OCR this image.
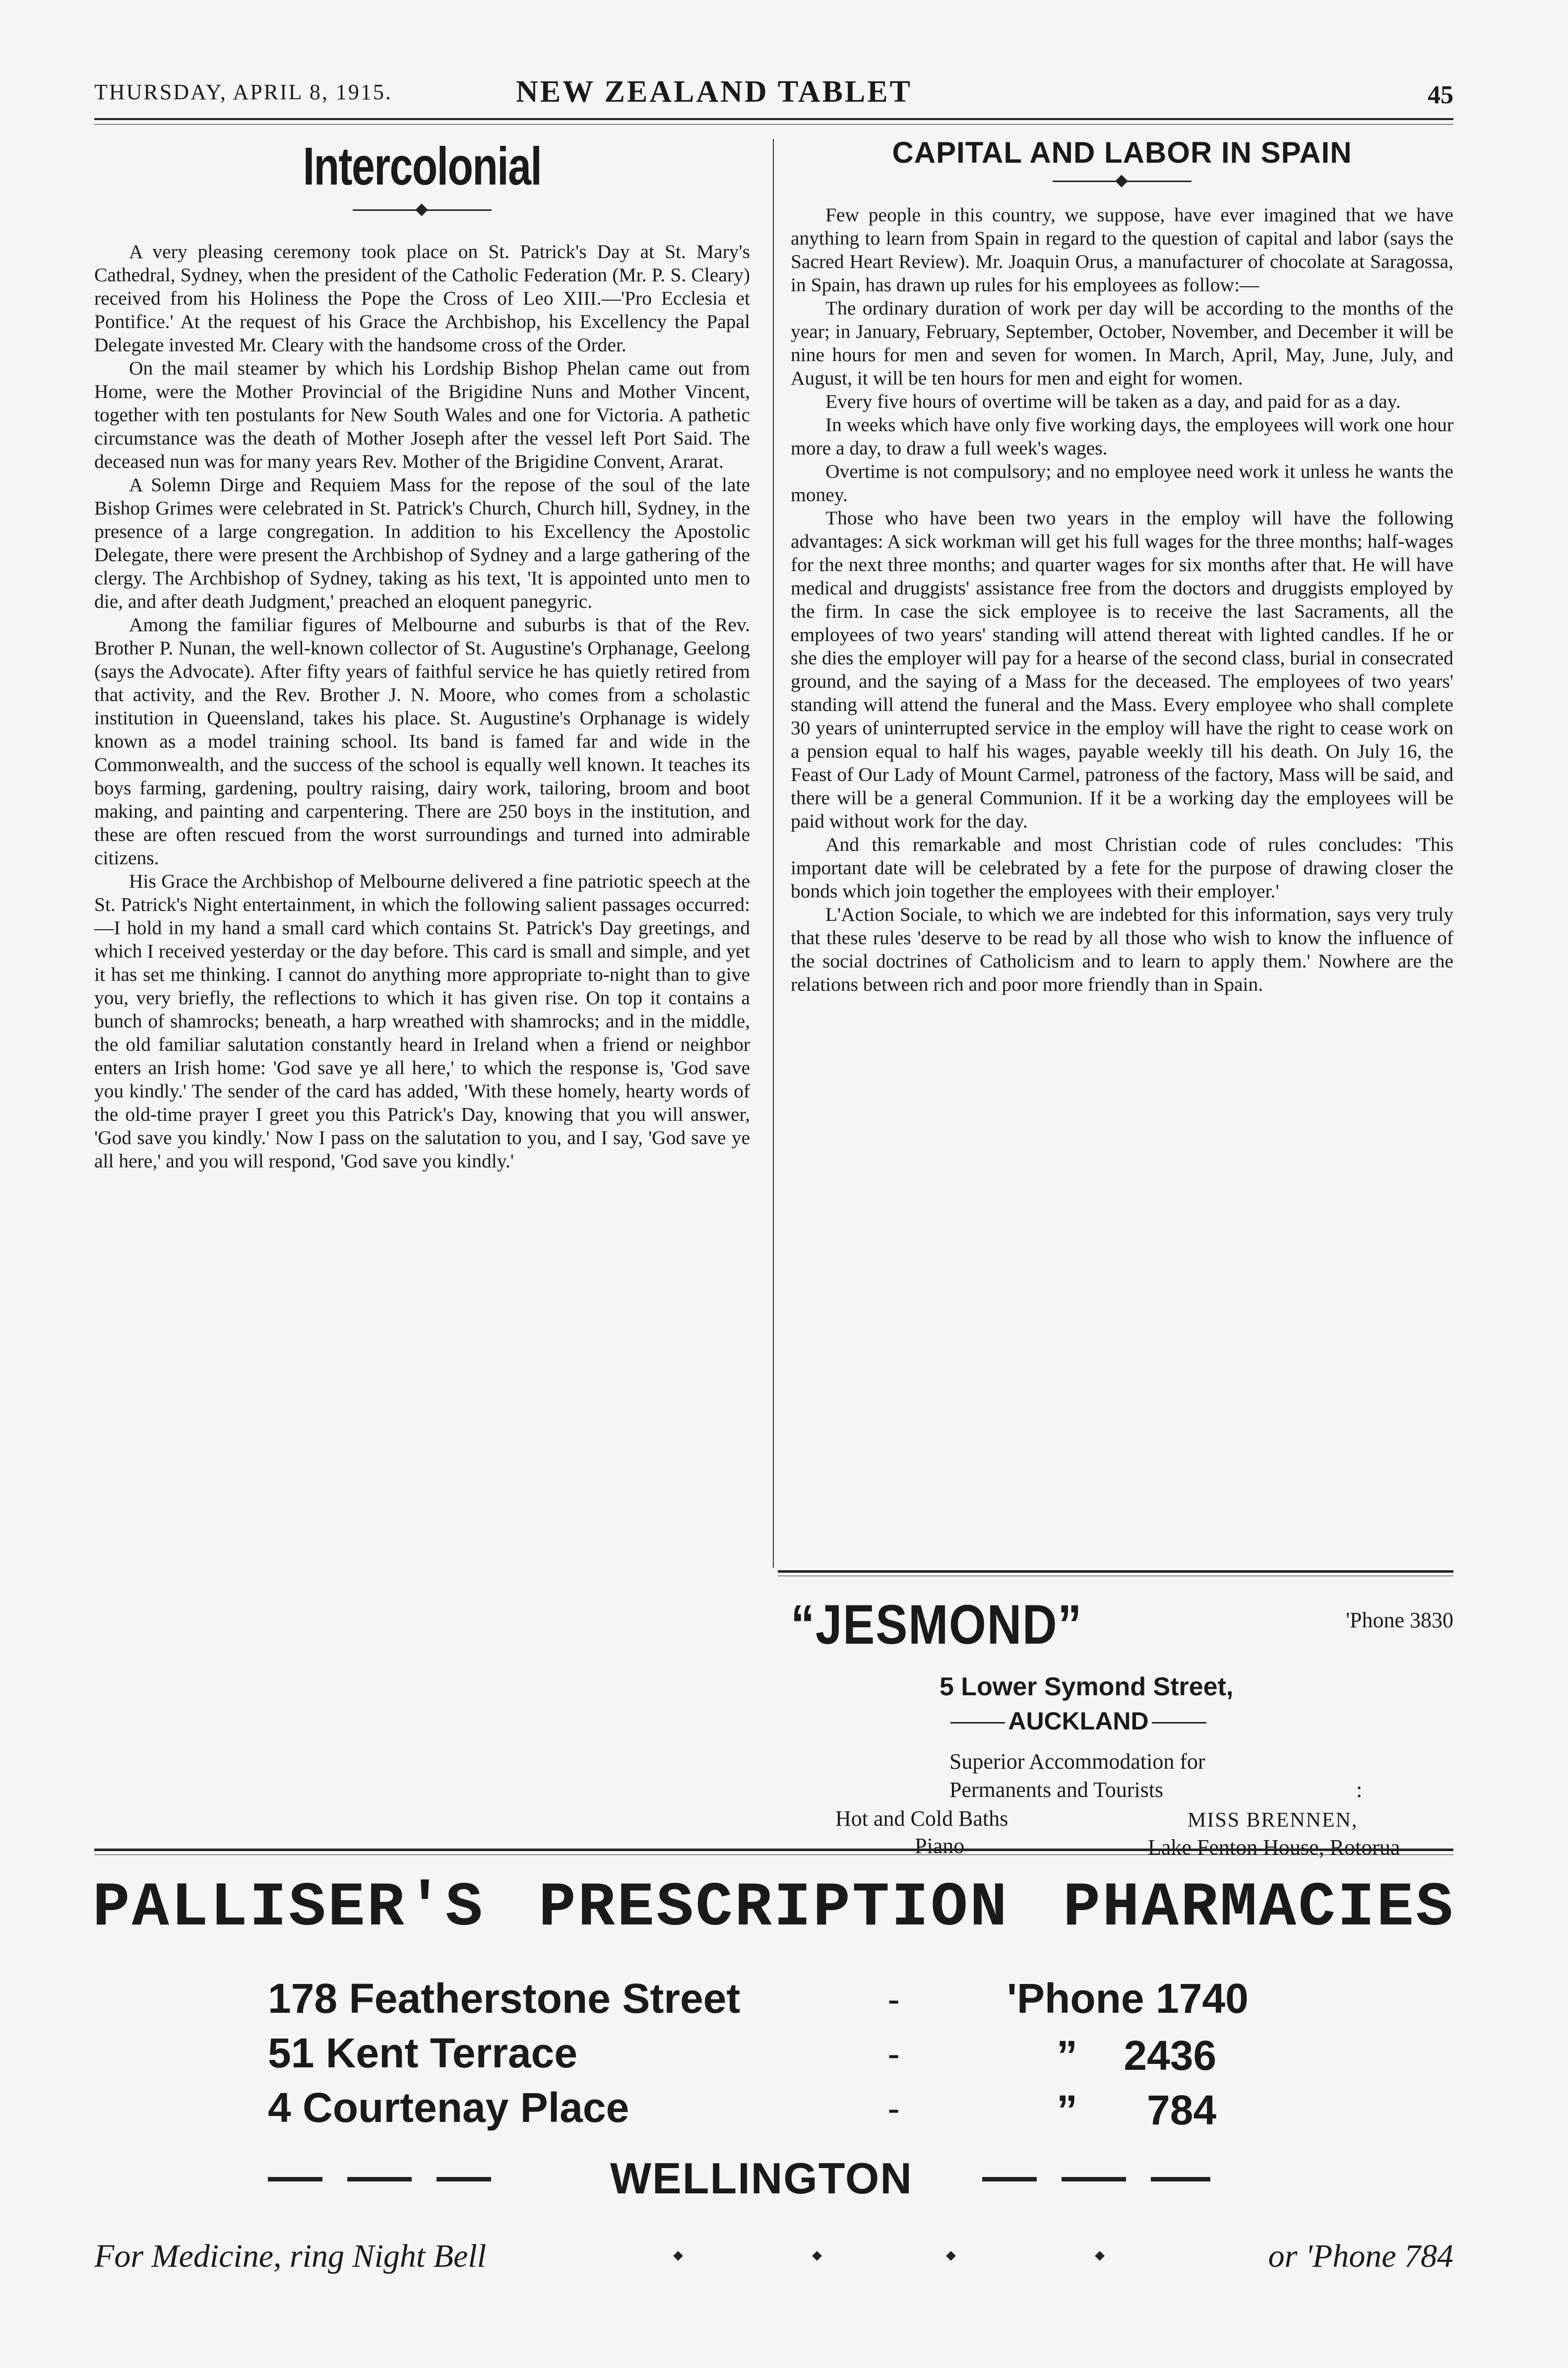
THURSDAY, APRIL 8, 1915.	NEW ZEALAND TABLET	45
Intercolonial

A very pleasing ceremony took place on St. Patrick's Day at St. Mary's Cathedral, Sydney, when the president of the Catholic Federation (Mr. P. S. Cleary) received from his Holiness the Pope the Cross of Leo XIII.—'Pro Ecclesia et Pontifice.' At the request of his Grace the Archbishop, his Excellency the Papal Delegate invested Mr. Cleary with the handsome cross of the Order.

On the mail steamer by which his Lordship Bishop Phelan came out from Home, were the Mother Provincial of the Brigidine Nuns and Mother Vincent, together with ten postulants for New South Wales and one for Victoria. A pathetic circumstance was the death of Mother Joseph after the vessel left Port Said. The deceased nun was for many years Rev. Mother of the Brigidine Convent, Ararat.

A Solemn Dirge and Requiem Mass for the repose of the soul of the late Bishop Grimes were celebrated in St. Patrick's Church, Church hill, Sydney, in the presence of a large congregation. In addition to his Excellency the Apostolic Delegate, there were present the Archbishop of Sydney and a large gathering of the clergy. The Archbishop of Sydney, taking as his text, 'It is appointed unto men to die, and after death Judgment,' preached an eloquent panegyric.

Among the familiar figures of Melbourne and suburbs is that of the Rev. Brother P. Nunan, the well-known collector of St. Augustine's Orphanage, Geelong (says the Advocate). After fifty years of faithful service he has quietly retired from that activity, and the Rev. Brother J. N. Moore, who comes from a scholastic institution in Queensland, takes his place. St. Augustine's Orphanage is widely known as a model training school. Its band is famed far and wide in the Commonwealth, and the success of the school is equally well known. It teaches its boys farming, gardening, poultry raising, dairy work, tailoring, broom and boot making, and painting and carpentering. There are 250 boys in the institution, and these are often rescued from the worst surroundings and turned into admirable citizens.

His Grace the Archbishop of Melbourne delivered a fine patriotic speech at the St. Patrick's Night entertainment, in which the following salient passages occurred:—I hold in my hand a small card which contains St. Patrick's Day greetings, and which I received yesterday or the day before. This card is small and simple, and yet it has set me thinking. I cannot do anything more appropriate to-night than to give you, very briefly, the reflections to which it has given rise. On top it contains a bunch of shamrocks; beneath, a harp wreathed with shamrocks; and in the middle, the old familiar salutation constantly heard in Ireland when a friend or neighbor enters an Irish home: 'God save ye all here,' to which the response is, 'God save you kindly.' The sender of the card has added, 'With these homely, hearty words of the old-time prayer I greet you this Patrick's Day, knowing that you will answer, 'God save you kindly.' Now I pass on the salutation to you, and I say, 'God save ye all here,' and you will respond, 'God save you kindly.'

CAPITAL AND LABOR IN SPAIN

Few people in this country, we suppose, have ever imagined that we have anything to learn from Spain in regard to the question of capital and labor (says the Sacred Heart Review). Mr. Joaquin Orus, a manufacturer of chocolate at Saragossa, in Spain, has drawn up rules for his employees as follow:—

The ordinary duration of work per day will be according to the months of the year; in January, February, September, October, November, and December it will be nine hours for men and seven for women. In March, April, May, June, July, and August, it will be ten hours for men and eight for women.

Every five hours of overtime will be taken as a day, and paid for as a day.

In weeks which have only five working days, the employees will work one hour more a day, to draw a full week's wages.

Overtime is not compulsory; and no employee need work it unless he wants the money.

Those who have been two years in the employ will have the following advantages: A sick workman will get his full wages for the three months; half-wages for the next three months; and quarter wages for six months after that. He will have medical and druggists' assistance free from the doctors and druggists employed by the firm. In case the sick employee is to receive the last Sacraments, all the employees of two years' standing will attend thereat with lighted candles. If he or she dies the employer will pay for a hearse of the second class, burial in consecrated ground, and the saying of a Mass for the deceased. The employees of two years' standing will attend the funeral and the Mass. Every employee who shall complete 30 years of uninterrupted service in the employ will have the right to cease work on a pension equal to half his wages, payable weekly till his death. On July 16, the Feast of Our Lady of Mount Carmel, patroness of the factory, Mass will be said, and there will be a general Communion. If it be a working day the employees will be paid without work for the day.

And this remarkable and most Christian code of rules concludes: 'This important date will be celebrated by a fete for the purpose of drawing closer the bonds which join together the employees with their employer.'

L'Action Sociale, to which we are indebted for this information, says very truly that these rules 'deserve to be read by all those who wish to know the influence of the social doctrines of Catholicism and to learn to apply them.' Nowhere are the relations between rich and poor more friendly than in Spain.

“JESMOND”	'Phone 3830
5 Lower Symond Street,
AUCKLAND
Superior Accommodation for
Permanents and Tourists	:
Hot and Cold Baths	MISS BRENNEN,
Piano	Lake Fenton House, Rotorua
PALLISER'S PRESCRIPTION PHARMACIES
178 Featherstone Street	-	'Phone 1740
51 Kent Terrace	-	”    2436
4 Courtenay Place	-	”      784
WELLINGTON
For Medicine, ring Night Bell	or 'Phone 784
